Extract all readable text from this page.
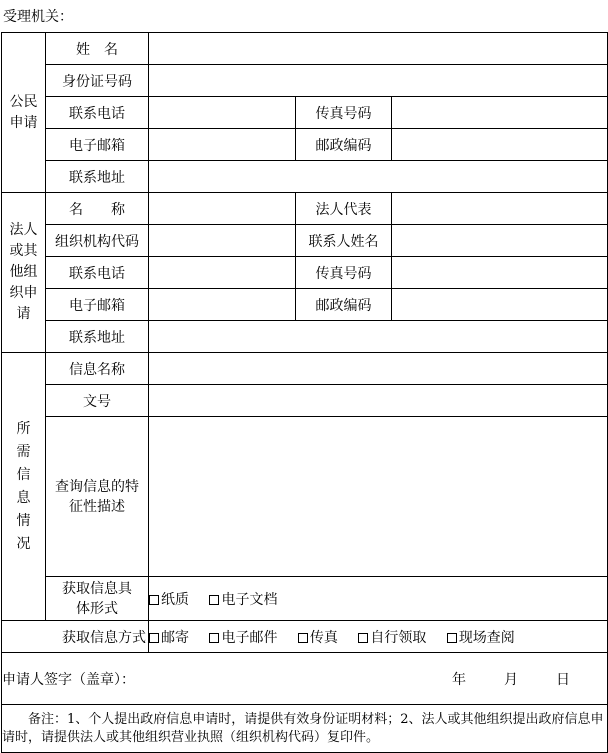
受理机关：
公民申请	姓　名			
	身份证号码			
	联系电话		传真号码	
	电子邮箱		邮政编码	
	联系地址			

法人或其他组织申请	名　　称		法人代表	
	组织机构代码		联系人姓名	
	联系电话		传真号码	
	电子邮箱		邮政编码	
	联系地址			

所需信息情况	信息名称			
	文号			

	查询信息的特征性描述			

	获取信息具体形式	纸质 电子文档		
获取信息方式		邮寄 电子邮件 传真 自行领取 现场查阅		
申请人签字（盖章）： 年 月 日				

备注：1、个人提出政府信息申请时，请提供有效身份证明材料；2、法人或其他组织提出政府信息申请时，请提供法人或其他组织营业执照（组织机构代码）复印件。				
